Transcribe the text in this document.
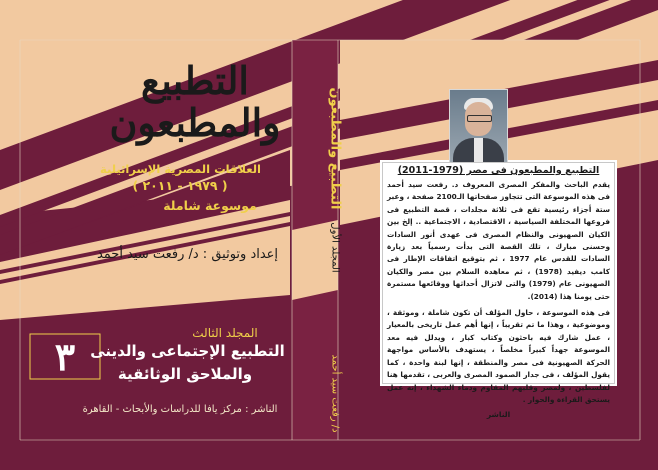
التطبيع والمطبعون
العلاقات المصرية الإسرائيلية
( ١٩٧٩ - ٢٠١١ )
موسوعة شاملة
إعداد وتوثيق : د/ رفعت سيد أحمد
المجلد الثالث
التطبيع الإجتماعى والدينى
والملاحق الوثائقية
٣
الناشر : مركز يافا للدراسات والأبحاث - القاهرة
التطبيع والمطبعون
المجلد الأول
د/ رفعت سيد أحمد
التطبيع والمطبعون فى مصر (1979-2011)

يقدم الباحث والمفكر المصرى المعروف د. رفعت سيد أحمد فى هذه الموسوعة التى تتجاوز صفحاتها الـ2100 صفحة ، وعبر ستة أجزاء رئيسية تقع فى ثلاثة مجلدات ، قصة التطبيع فى فروعها المختلفة السياسية ، الاقتصادية ، الاجتماعية .. إلخ بين الكيان الصهيونى والنظام المصرى فى عهدى أنور السادات وحسنى مبارك ، تلك القصة التى بدأت رسمياً بعد زيارة السادات للقدس عام 1977 ، ثم بتوقيع اتفاقات الإطار فى كامب ديفيد (1978) ، ثم معاهدة السلام بين مصر والكيان الصهيونى عام (1979) والتى لاتزال أحداثها ووقائعها مستمرة حتى يومنا هذا (2014).

فى هذه الموسوعة ، حاول المؤلف أن تكون شاملة ، وموثقة ، وموضوعية ، وهذا ما تم تقريباً ، إنها أهم عمل تاريخى بالمعيار ، عمل شارك فيه باحثون وكتاب كبار ، ويدلل فيه معد الموسوعة جهداً كبيراً مخلصاً ، يستهدف بالأساس مواجهة الحركة الصهيونية فى مصر والمنطقة ، إنها لبنة واحدة ، كما يقول المؤلف ، فى جدار الصمود المصرى والعربى ، تقدمها هنا لفلسطين ، ولمصر وقلبهم المقاوم ودماء الشهداء ، إنه عمل يستحق القراءة والحوار .

الناشر
